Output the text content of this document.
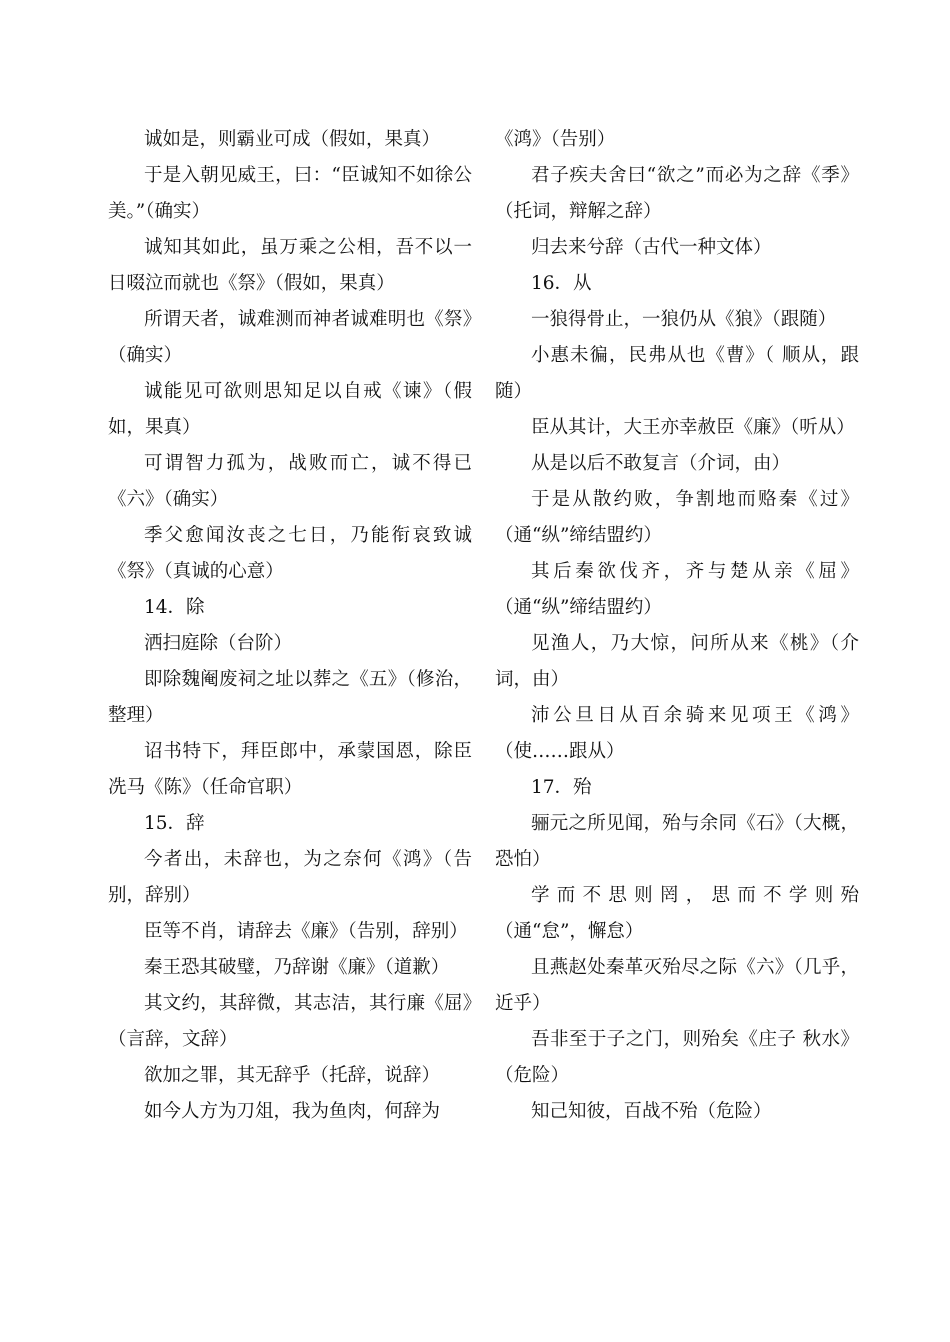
诚如是，则霸业可成（假如，果真）

于是入朝见威王，曰：“臣诚知不如徐公美。”（确实）

诚知其如此，虽万乘之公相，吾不以一日啜泣而就也《祭》（假如，果真）

所谓天者，诚难测而神者诚难明也《祭》（确实）

诚能见可欲则思知足以自戒《谏》（假如，果真）

可谓智力孤为，战败而亡，诚不得已《六》（确实）

季父愈闻汝丧之七日，乃能衔哀致诚《祭》（真诚的心意）

14．除

洒扫庭除（台阶）

即除魏阉废祠之址以葬之《五》（修治，整理）

诏书特下，拜臣郎中，承蒙国恩，除臣冼马《陈》（任命官职）

15．辞

今者出，未辞也，为之奈何《鸿》（告别，辞别）

臣等不肖，请辞去《廉》（告别，辞别）

秦王恐其破璧，乃辞谢《廉》（道歉）

其文约，其辞微，其志洁，其行廉《屈》（言辞，文辞）

欲加之罪，其无辞乎（托辞，说辞）

如今人方为刀俎，我为鱼肉，何辞为

《鸿》（告别）

君子疾夫舍曰“欲之”而必为之辞《季》（托词，辩解之辞）

归去来兮辞（古代一种文体）

16．从

一狼得骨止，一狼仍从《狼》（跟随）

小惠未徧，民弗从也《曹》（ 顺从，跟随）

臣从其计，大王亦幸赦臣《廉》（听从）

从是以后不敢复言（介词，由）

于是从散约败，争割地而赂秦《过》（通“纵”缔结盟约）

其后秦欲伐齐，齐与楚从亲《屈》（通“纵”缔结盟约）

见渔人，乃大惊，问所从来《桃》（介词，由）

沛公旦日从百余骑来见项王《鸿》（使……跟从）

17．殆

骊元之所见闻，殆与余同《石》（大概，恐怕）

学而不思则罔，思而不学则殆（通“怠”，懈怠）

且燕赵处秦革灭殆尽之际《六》（几乎，近乎）

吾非至于子之门，则殆矣《庄子 秋水》（危险）

知己知彼，百战不殆（危险）
